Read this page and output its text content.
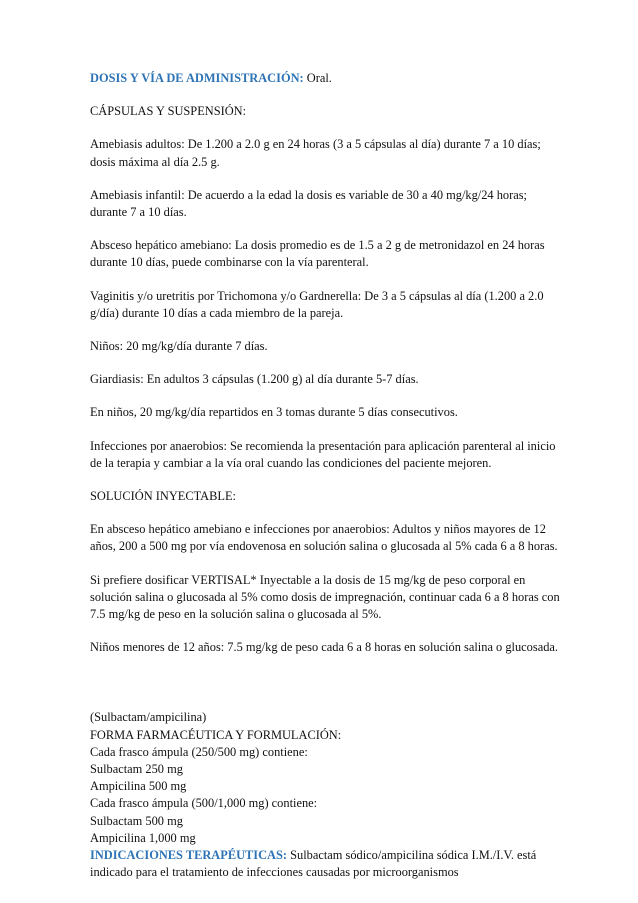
DOSIS Y VÍA DE ADMINISTRACIÓN: Oral.

CÁPSULAS Y SUSPENSIÓN:

Amebiasis adultos: De 1.200 a 2.0 g en 24 horas (3 a 5 cápsulas al día) durante 7 a 10 días; dosis máxima al día 2.5 g.

Amebiasis infantil: De acuerdo a la edad la dosis es variable de 30 a 40 mg/kg/24 horas; durante 7 a 10 días.

Absceso hepático amebiano: La dosis promedio es de 1.5 a 2 g de metronidazol en 24 horas durante 10 días, puede combinarse con la vía parenteral.

Vaginitis y/o uretritis por Trichomona y/o Gardnerella: De 3 a 5 cápsulas al día (1.200 a 2.0 g/día) durante 10 días a cada miembro de la pareja.

Niños: 20 mg/kg/día durante 7 días.

Giardiasis: En adultos 3 cápsulas (1.200 g) al día durante 5-7 días.

En niños, 20 mg/kg/día repartidos en 3 tomas durante 5 días consecutivos.

Infecciones por anaerobios: Se recomienda la presentación para aplicación parenteral al inicio de la terapia y cambiar a la vía oral cuando las condiciones del paciente mejoren.

SOLUCIÓN INYECTABLE:

En absceso hepático amebiano e infecciones por anaerobios: Adultos y niños mayores de 12 años, 200 a 500 mg por vía endovenosa en solución salina o glucosada al 5% cada 6 a 8 horas.

Si prefiere dosificar VERTISAL* Inyectable a la dosis de 15 mg/kg de peso corporal en solución salina o glucosada al 5% como dosis de impregnación, continuar cada 6 a 8 horas con 7.5 mg/kg de peso en la solución salina o glucosada al 5%.

Niños menores de 12 años: 7.5 mg/kg de peso cada 6 a 8 horas en solución salina o glucosada.

(Sulbactam/ampicilina)

FORMA FARMACÉUTICA Y FORMULACIÓN:

Cada frasco ámpula (250/500 mg) contiene:

Sulbactam 250 mg

Ampicilina 500 mg

Cada frasco ámpula (500/1,000 mg) contiene:

Sulbactam 500 mg

Ampicilina 1,000 mg

INDICACIONES TERAPÉUTICAS: Sulbactam sódico/ampicilina sódica I.M./I.V. está indicado para el tratamiento de infecciones causadas por microorganismos
